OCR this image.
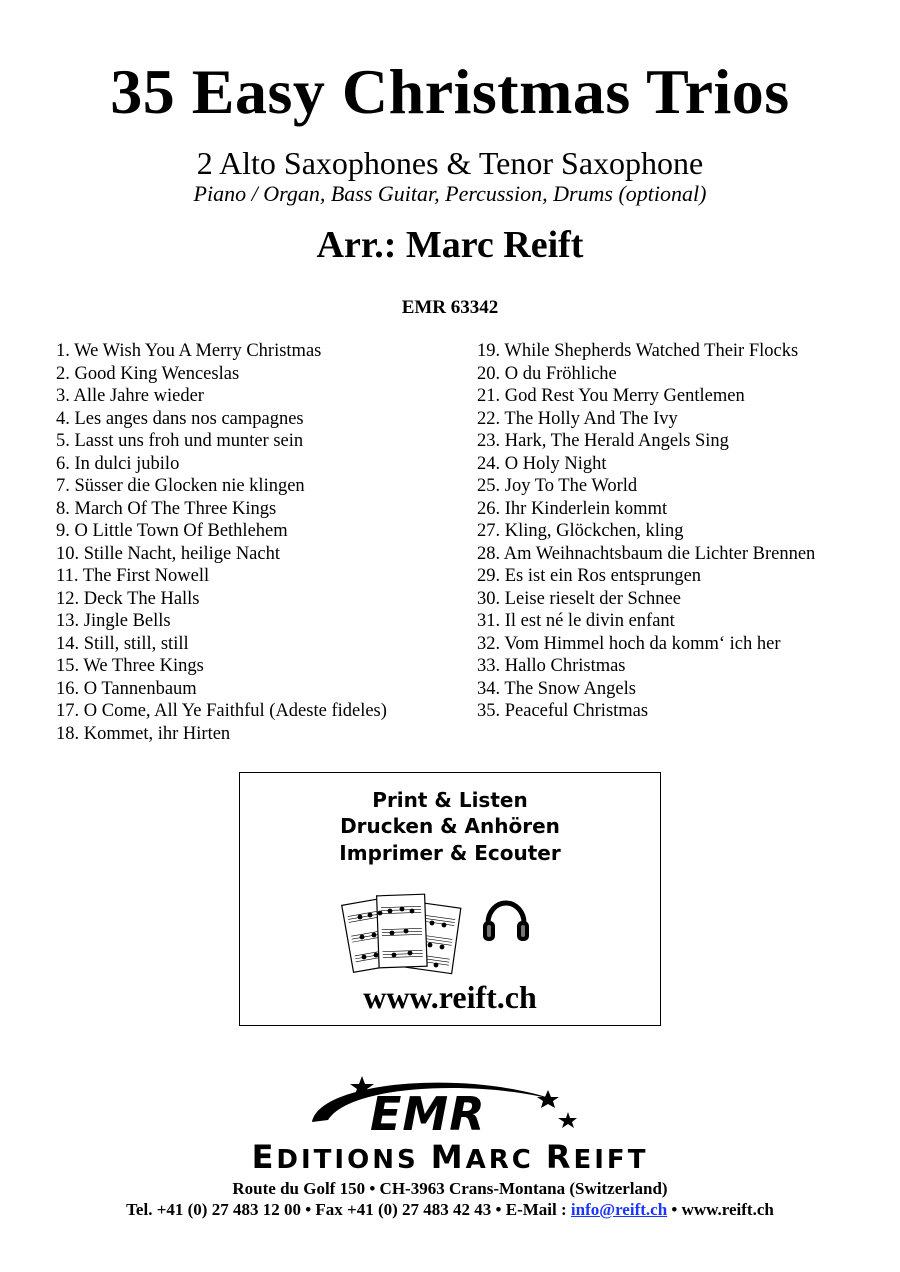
35 Easy Christmas Trios
2 Alto Saxophones & Tenor Saxophone
Piano / Organ, Bass Guitar, Percussion, Drums (optional)
Arr.: Marc Reift
EMR 63342
1. We Wish You A Merry Christmas
2. Good King Wenceslas
3. Alle Jahre wieder
4. Les anges dans nos campagnes
5. Lasst uns froh und munter sein
6. In dulci jubilo
7. Süsser die Glocken nie klingen
8. March Of The Three Kings
9. O Little Town Of Bethlehem
10. Stille Nacht, heilige Nacht
11. The First Nowell
12. Deck The Halls
13. Jingle Bells
14. Still, still, still
15. We Three Kings
16. O Tannenbaum
17. O Come, All Ye Faithful (Adeste fideles)
18. Kommet, ihr Hirten
19. While Shepherds Watched Their Flocks
20. O du Fröhliche
21. God Rest You Merry Gentlemen
22. The Holly And The Ivy
23. Hark, The Herald Angels Sing
24. O Holy Night
25. Joy To The World
26. Ihr Kinderlein kommt
27. Kling, Glöckchen, kling
28. Am Weihnachtsbaum die Lichter Brennen
29. Es ist ein Ros entsprungen
30. Leise rieselt der Schnee
31. Il est né le divin enfant
32. Vom Himmel hoch da komm‘ ich her
33. Hallo Christmas
34. The Snow Angels
35. Peaceful Christmas
Print & Listen
Drucken & Anhören
Imprimer & Ecouter
www.reift.ch
EMR
EDITIONS MARC REIFT
Route du Golf 150 • CH-3963 Crans-Montana (Switzerland)
Tel. +41 (0) 27 483 12 00 • Fax +41 (0) 27 483 42 43 • E-Mail : info@reift.ch • www.reift.ch
